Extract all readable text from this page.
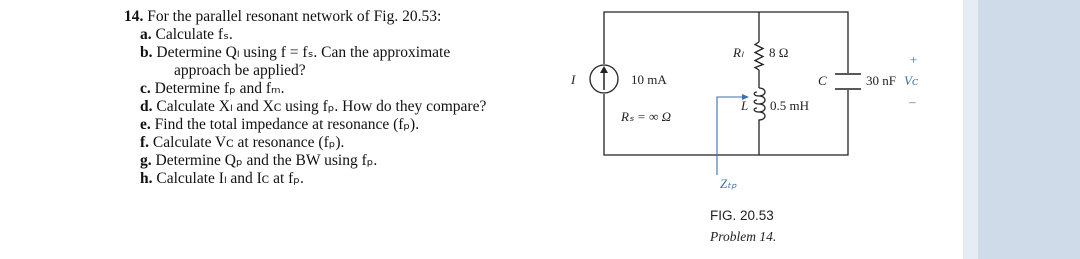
14. For the parallel resonant network of Fig. 20.53:
a. Calculate fₛ.
b. Determine Qₗ using f = fₛ. Can the approximate
approach be applied?
c. Determine fₚ and fₘ.
d. Calculate Xₗ and Xᴄ using fₚ. How do they compare?
e. Find the total impedance at resonance (fₚ).
f. Calculate Vᴄ at resonance (fₚ).
g. Determine Qₚ and the BW using fₚ.
h. Calculate Iₗ and Iᴄ at fₚ.
I	10 mA
Rₛ = ∞ Ω
Rₗ 8 Ω
L 0.5 mH
C	30 nF
+
Vᴄ
–
Zₜₚ
FIG. 20.53
Problem 14.
